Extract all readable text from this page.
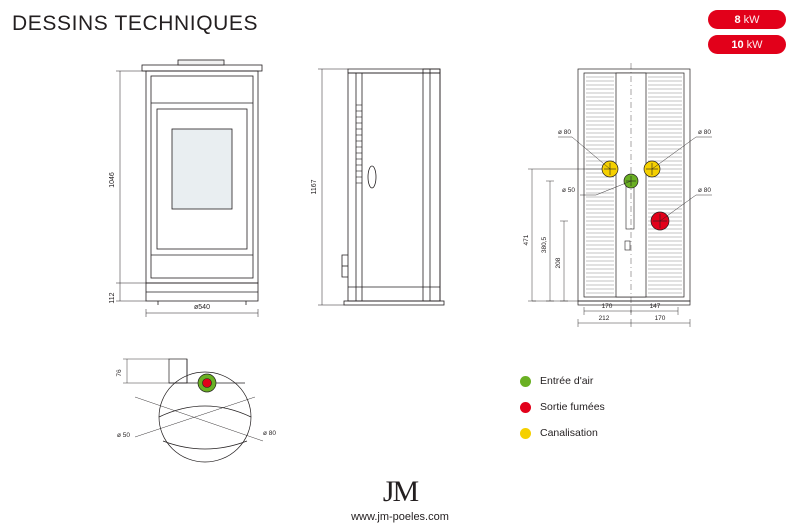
DESSINS TECHNIQUES	8 kW
10 kW
1046
112
ø540
1167
ø 80	ø 80
ø 50	ø 80
471 380,5
208
170	147
212	170
76
ø 50	ø 80
Entrée d'air
Sortie fumées
Canalisation
JM
www.jm-poeles.com
